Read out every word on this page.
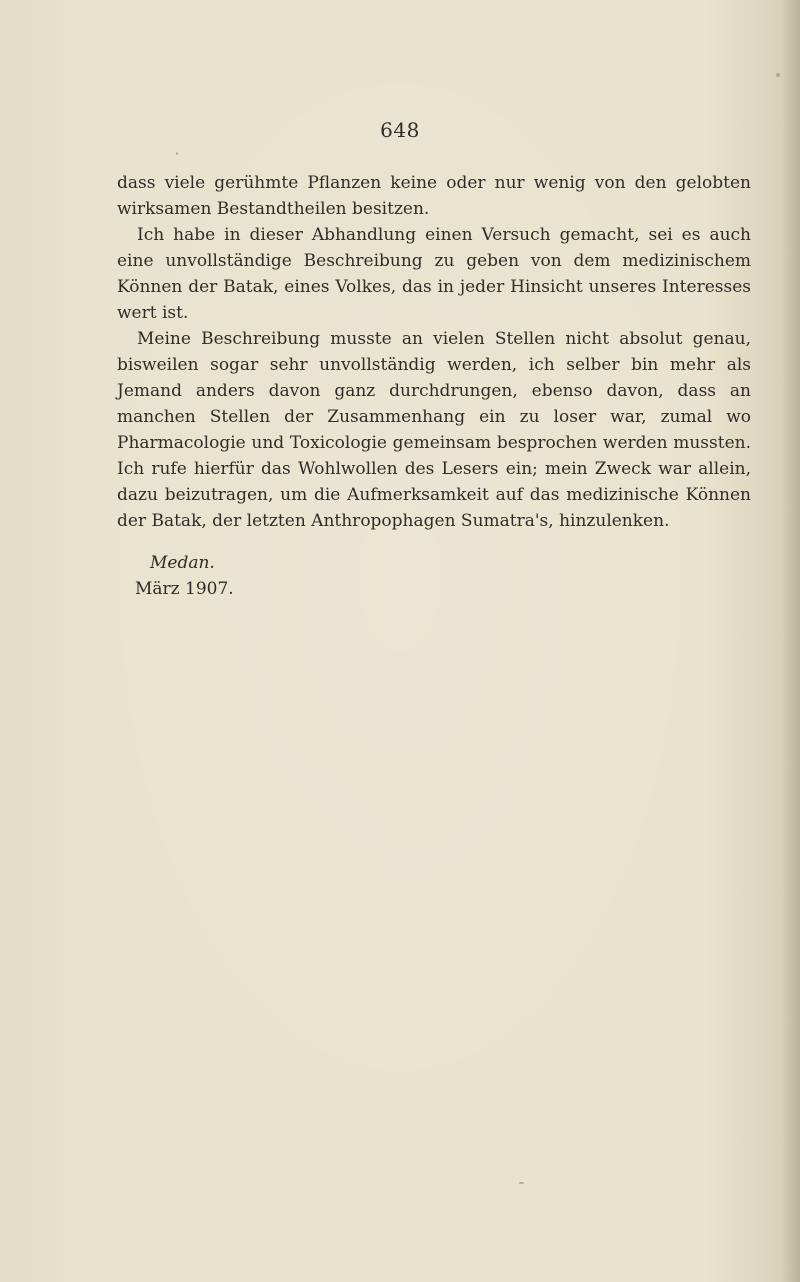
648

dass viele gerühmte Pflanzen keine oder nur wenig von den gelobten wirksamen Bestandtheilen besitzen.

Ich habe in dieser Abhandlung einen Versuch gemacht, sei es auch eine unvollständige Beschreibung zu geben von dem medizinischem Können der Batak, eines Volkes, das in jeder Hinsicht unseres Interesses wert ist.

Meine Beschreibung musste an vielen Stellen nicht absolut genau, bisweilen sogar sehr unvollständig werden, ich selber bin mehr als Jemand anders davon ganz durchdrungen, ebenso davon, dass an manchen Stellen der Zusammenhang ein zu loser war, zumal wo Pharmacologie und Toxicologie gemeinsam besprochen werden mussten. Ich rufe hierfür das Wohlwollen des Lesers ein; mein Zweck war allein, dazu beizutragen, um die Aufmerksamkeit auf das medizinische Können der Batak, der letzten Anthropophagen Sumatra's, hinzulenken.

Medan.
März 1907.
